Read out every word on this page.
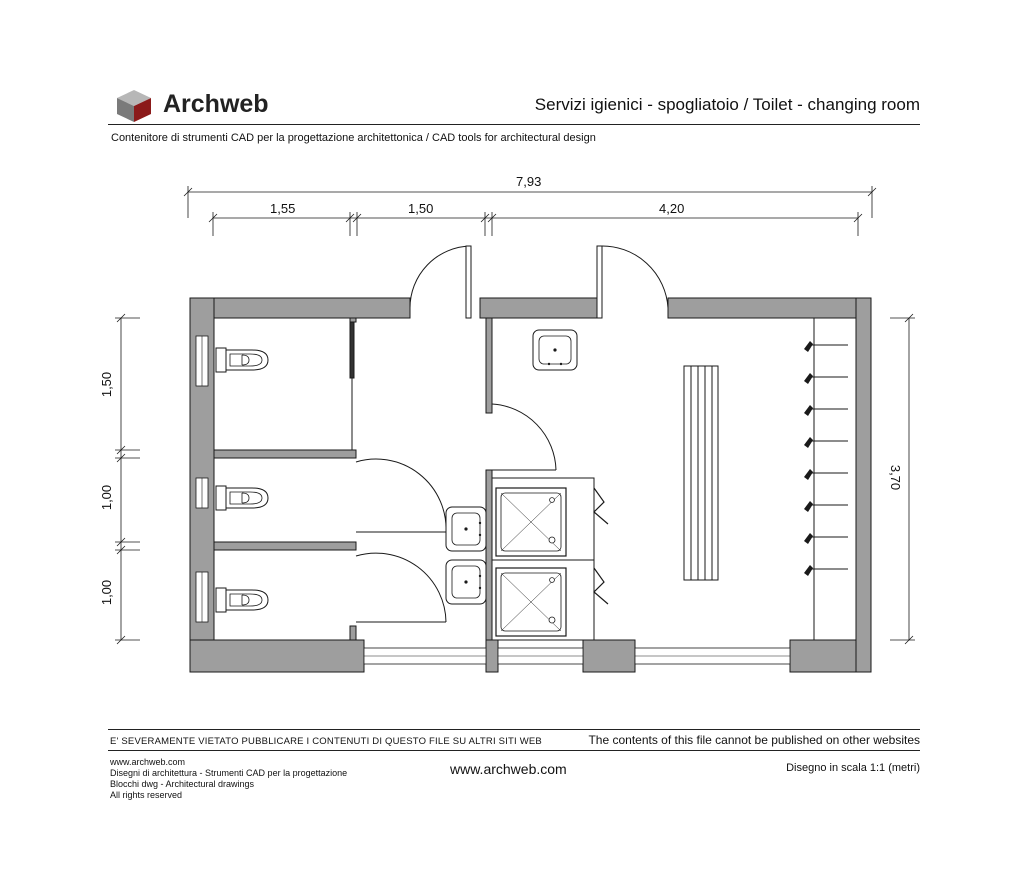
Archweb	Servizi igienici - spogliatoio / Toilet - changing room
Contenitore di strumenti CAD per la progettazione architettonica / CAD tools for architectural design
7,93
1,55	1,50	4,20
1,50
1,00
1,00
3,70
E' SEVERAMENTE VIETATO PUBBLICARE I CONTENUTI DI QUESTO FILE SU ALTRI SITI WEB	The contents of this file cannot be published on other websites
www.archweb.com
Disegni di architettura - Strumenti CAD per la progettazione
Blocchi dwg - Architectural drawings
All rights reserved
www.archweb.com	Disegno in scala 1:1 (metri)
